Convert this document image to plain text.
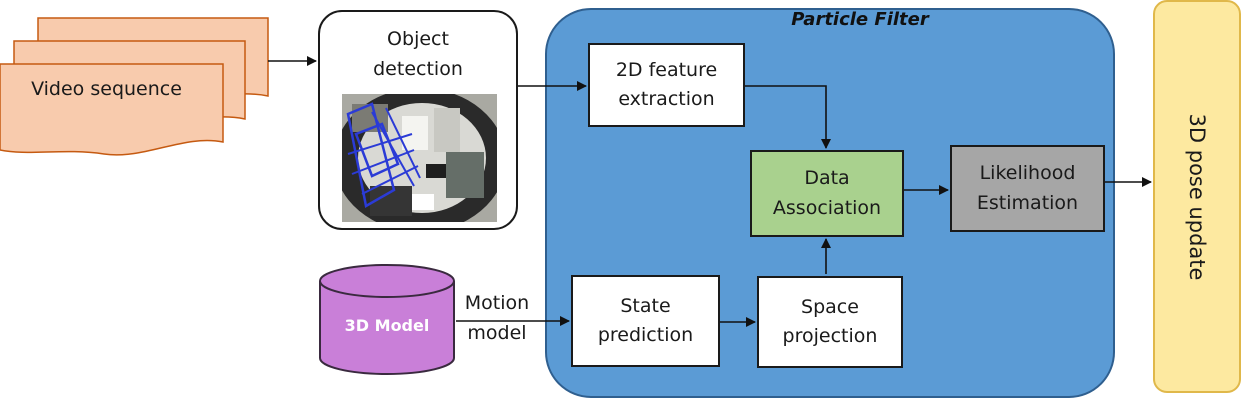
Video sequence
Object
detection
Particle Filter
2D feature
extraction
Data
Association
Likelihood
Estimation
State
prediction
Space
projection
3D Model
Motion
model
3D pose update
